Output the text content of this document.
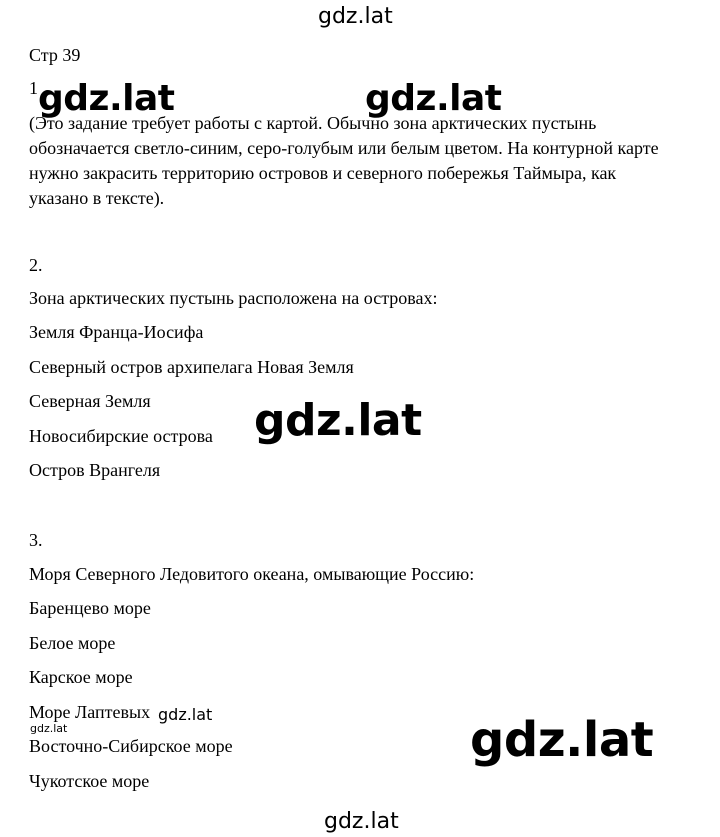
gdz.lat
gdz.lat	gdz.lat
gdz.lat
gdz.lat
gdz.lat
gdz.lat
gdz.lat
Стр 39
1
(Это задание требует работы с картой. Обычно зона арктических пустынь обозначается светло-синим, серо-голубым или белым цветом. На контурной карте нужно закрасить территорию островов и северного побережья Таймыра, как указано в тексте).
2.
Зона арктических пустынь расположена на островах:
Земля Франца-Иосифа
Северный остров архипелага Новая Земля
Северная Земля
Новосибирские острова
Остров Врангеля
3.
Моря Северного Ледовитого океана, омывающие Россию:
Баренцево море
Белое море
Карское море
Море Лаптевых
Восточно-Сибирское море
Чукотское море
